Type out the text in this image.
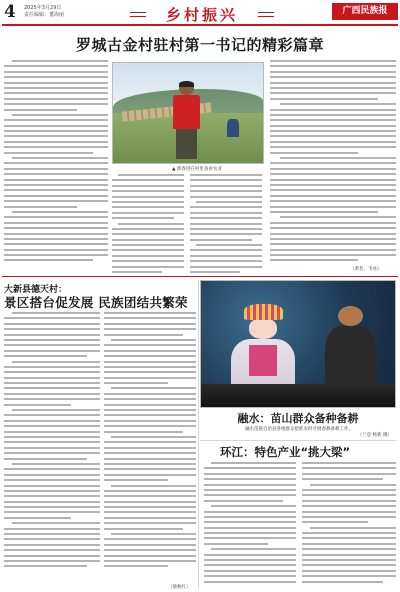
4	2025年3月29日
责任编辑：董海丽	乡村振兴	广西民族报
罗城古金村驻村第一书记的精彩篇章
▲ 郭春进在村里查看农业
（黄若、韦亮）
大新县德天村：
景区搭台促发展 民族团结共繁荣
（梁秋红）
融水：苗山群众备种备耕
融水苗族自治县各地群众抢抓农时开展春耕备耕工作。
（兰登 杨新 摄）
环江：特色产业“挑大梁”
